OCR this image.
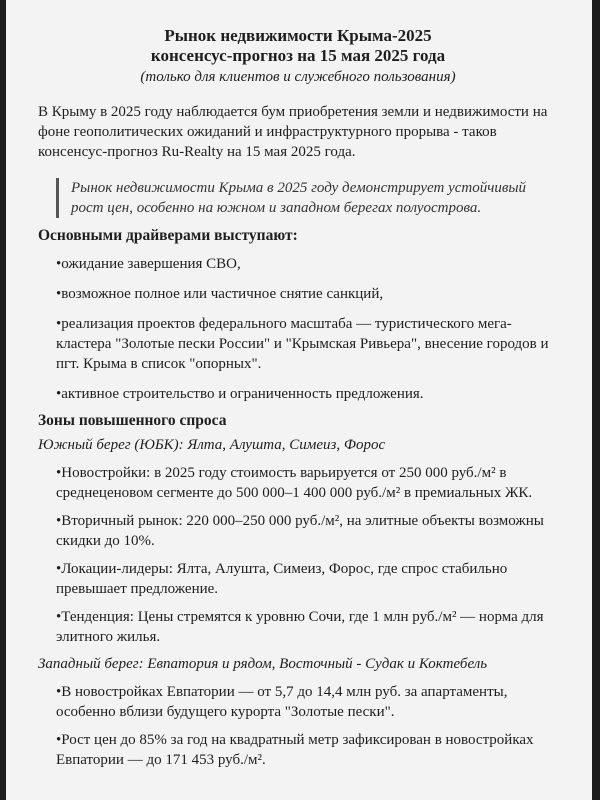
Рынок недвижимости Крыма-2025
консенсус-прогноз на 15 мая 2025 года
(только для клиентов и служебного пользования)

В Крыму в 2025 году наблюдается бум приобретения земли и недвижимости на фоне геополитических ожиданий и инфраструктурного прорыва - таков консенсус-прогноз Ru-Realty на 15 мая 2025 года.

Рынок недвижимости Крыма в 2025 году демонстрирует устойчивый рост цен, особенно на южном и западном берегах полуострова.
Основными драйверами выступают:
•ожидание завершения СВО,
•возможное полное или частичное снятие санкций,
•реализация проектов федерального масштаба — туристического мега-кластера "Золотые пески России" и "Крымская Ривьера", внесение городов и пгт. Крыма в список "опорных".
•активное строительство и ограниченность предложения.
Зоны повышенного спроса
Южный берег (ЮБК): Ялта, Алушта, Симеиз, Форос
•Новостройки: в 2025 году стоимость варьируется от 250 000 руб./м² в среднеценовом сегменте до 500 000–1 400 000 руб./м² в премиальных ЖК.
•Вторичный рынок: 220 000–250 000 руб./м², на элитные объекты возможны скидки до 10%.
•Локации-лидеры: Ялта, Алушта, Симеиз, Форос, где спрос стабильно превышает предложение.
•Тенденция: Цены стремятся к уровню Сочи, где 1 млн руб./м² — норма для элитного жилья.
Западный берег: Евпатория и рядом, Восточный - Судак и Коктебель
•В новостройках Евпатории — от 5,7 до 14,4 млн руб. за апартаменты, особенно вблизи будущего курорта "Золотые пески".
•Рост цен до 85% за год на квадратный метр зафиксирован в новостройках Евпатории — до 171 453 руб./м².
